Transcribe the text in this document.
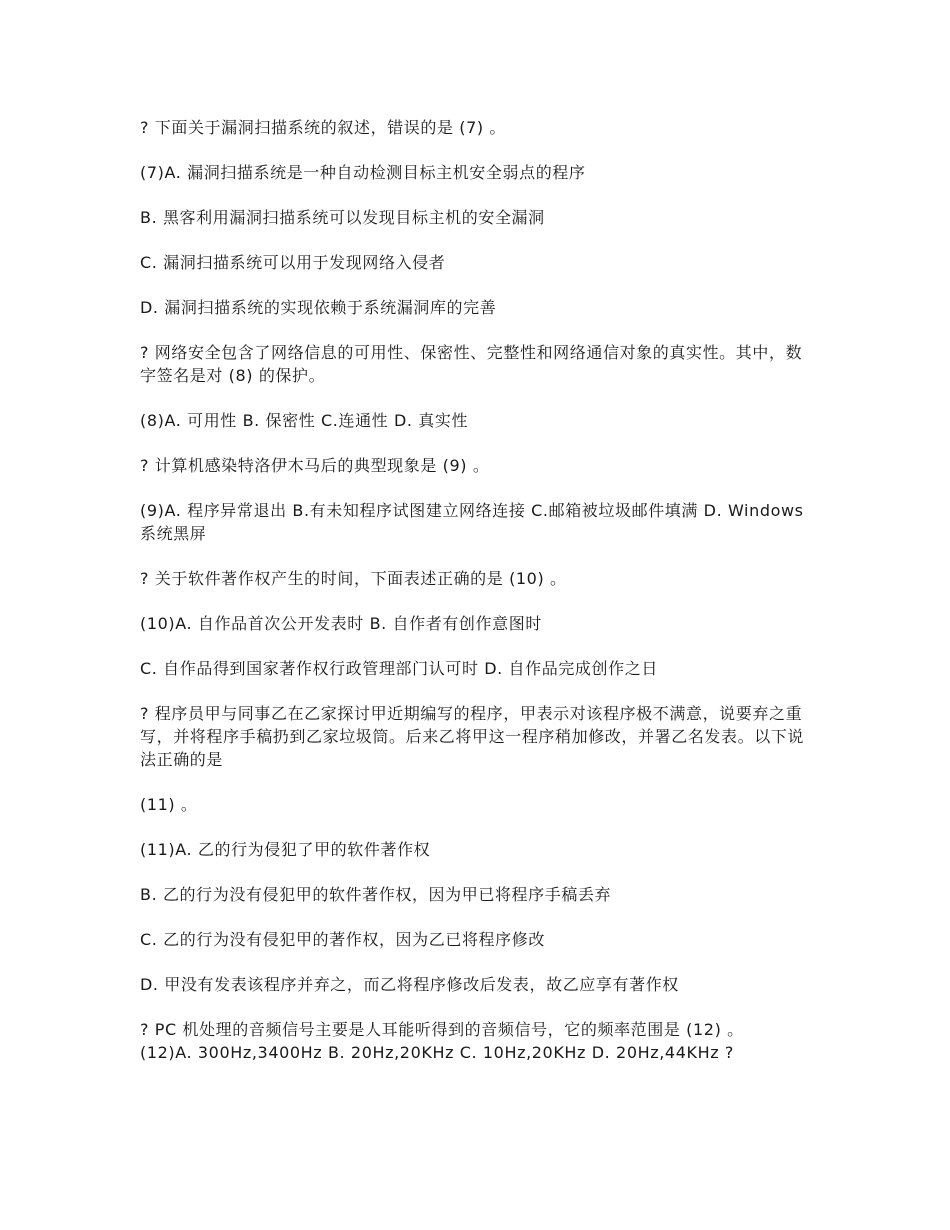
? 下面关于漏洞扫描系统的叙述，错误的是 (7) 。

(7)A. 漏洞扫描系统是一种自动检测目标主机安全弱点的程序

B. 黑客利用漏洞扫描系统可以发现目标主机的安全漏洞

C. 漏洞扫描系统可以用于发现网络入侵者

D. 漏洞扫描系统的实现依赖于系统漏洞库的完善

? 网络安全包含了网络信息的可用性、保密性、完整性和网络通信对象的真实性。其中，数字签名是对 (8) 的保护。

(8)A. 可用性 B. 保密性 C.连通性 D. 真实性

? 计算机感染特洛伊木马后的典型现象是 (9) 。

(9)A. 程序异常退出 B.有未知程序试图建立网络连接 C.邮箱被垃圾邮件填满 D. Windows 系统黑屏

? 关于软件著作权产生的时间，下面表述正确的是 (10) 。

(10)A. 自作品首次公开发表时 B. 自作者有创作意图时

C. 自作品得到国家著作权行政管理部门认可时 D. 自作品完成创作之日

? 程序员甲与同事乙在乙家探讨甲近期编写的程序，甲表示对该程序极不满意，说要弃之重写，并将程序手稿扔到乙家垃圾筒。后来乙将甲这一程序稍加修改，并署乙名发表。以下说法正确的是

(11) 。

(11)A. 乙的行为侵犯了甲的软件著作权

B. 乙的行为没有侵犯甲的软件著作权，因为甲已将程序手稿丢弃

C. 乙的行为没有侵犯甲的著作权，因为乙已将程序修改

D. 甲没有发表该程序并弃之，而乙将程序修改后发表，故乙应享有著作权

? PC 机处理的音频信号主要是人耳能听得到的音频信号，它的频率范围是 (12) 。

(12)A. 300Hz,3400Hz B. 20Hz,20KHz C. 10Hz,20KHz D. 20Hz,44KHz ?
